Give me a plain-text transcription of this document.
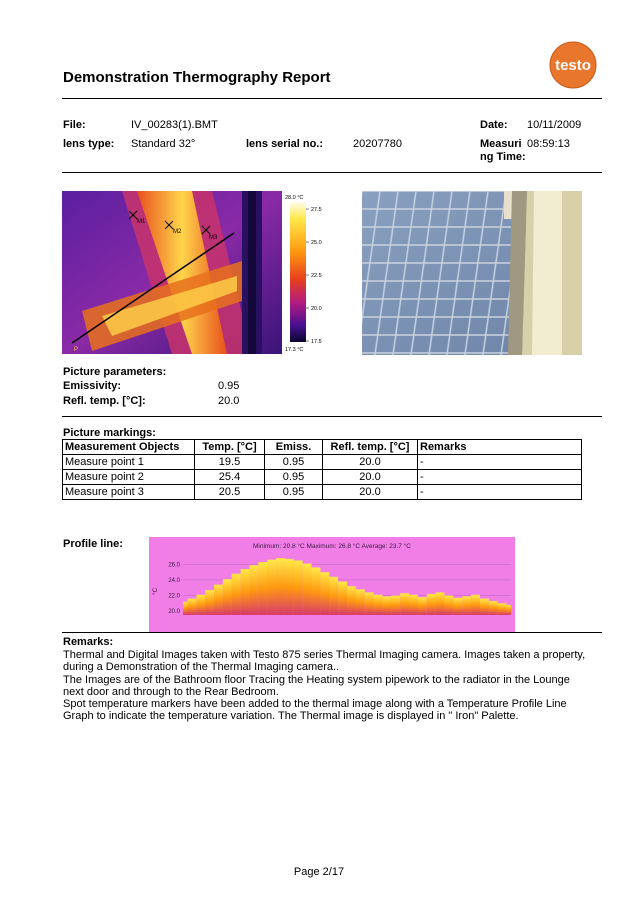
Demonstration Thermography Report
testo
File:	IV_00283(1).BMT	Date: 10/11/2009
lens type: Standard 32°	lens serial no.:	20207780	Measuri
ng Time:
08:59:13
M1
M2
M3
P
28.0 °C
17.3 °C
27.5
25.0
22.5
20.0
17.5
Picture parameters:
Emissivity:	0.95
Refl. temp. [°C]:	20.0
Picture markings:
Measurement Objects	Temp. [°C]	Emiss.	Refl. temp. [°C]	Remarks
Measure point 1	19.5	0.95	20.0	-
Measure point 2	25.4	0.95	20.0	-
Measure point 3	20.5	0.95	20.0	-
Profile line:	Minimum: 20.8 °C Maximum: 26.8 °C Average: 23.7 °C
°C
20.0
22.0
24.0
26.0
Remarks:

Thermal and Digital Images taken with Testo 875 series Thermal Imaging camera. Images taken a property,

during a Demonstration of the Thermal Imaging camera..

The Images are of the Bathroom floor Tracing the Heating system pipework to the radiator in the Lounge

next door and through to the Rear Bedroom.

Spot temperature markers have been added to the thermal image along with a Temperature Profile Line

Graph to indicate the temperature variation. The Thermal image is displayed in " Iron" Palette.

Page 2/17
